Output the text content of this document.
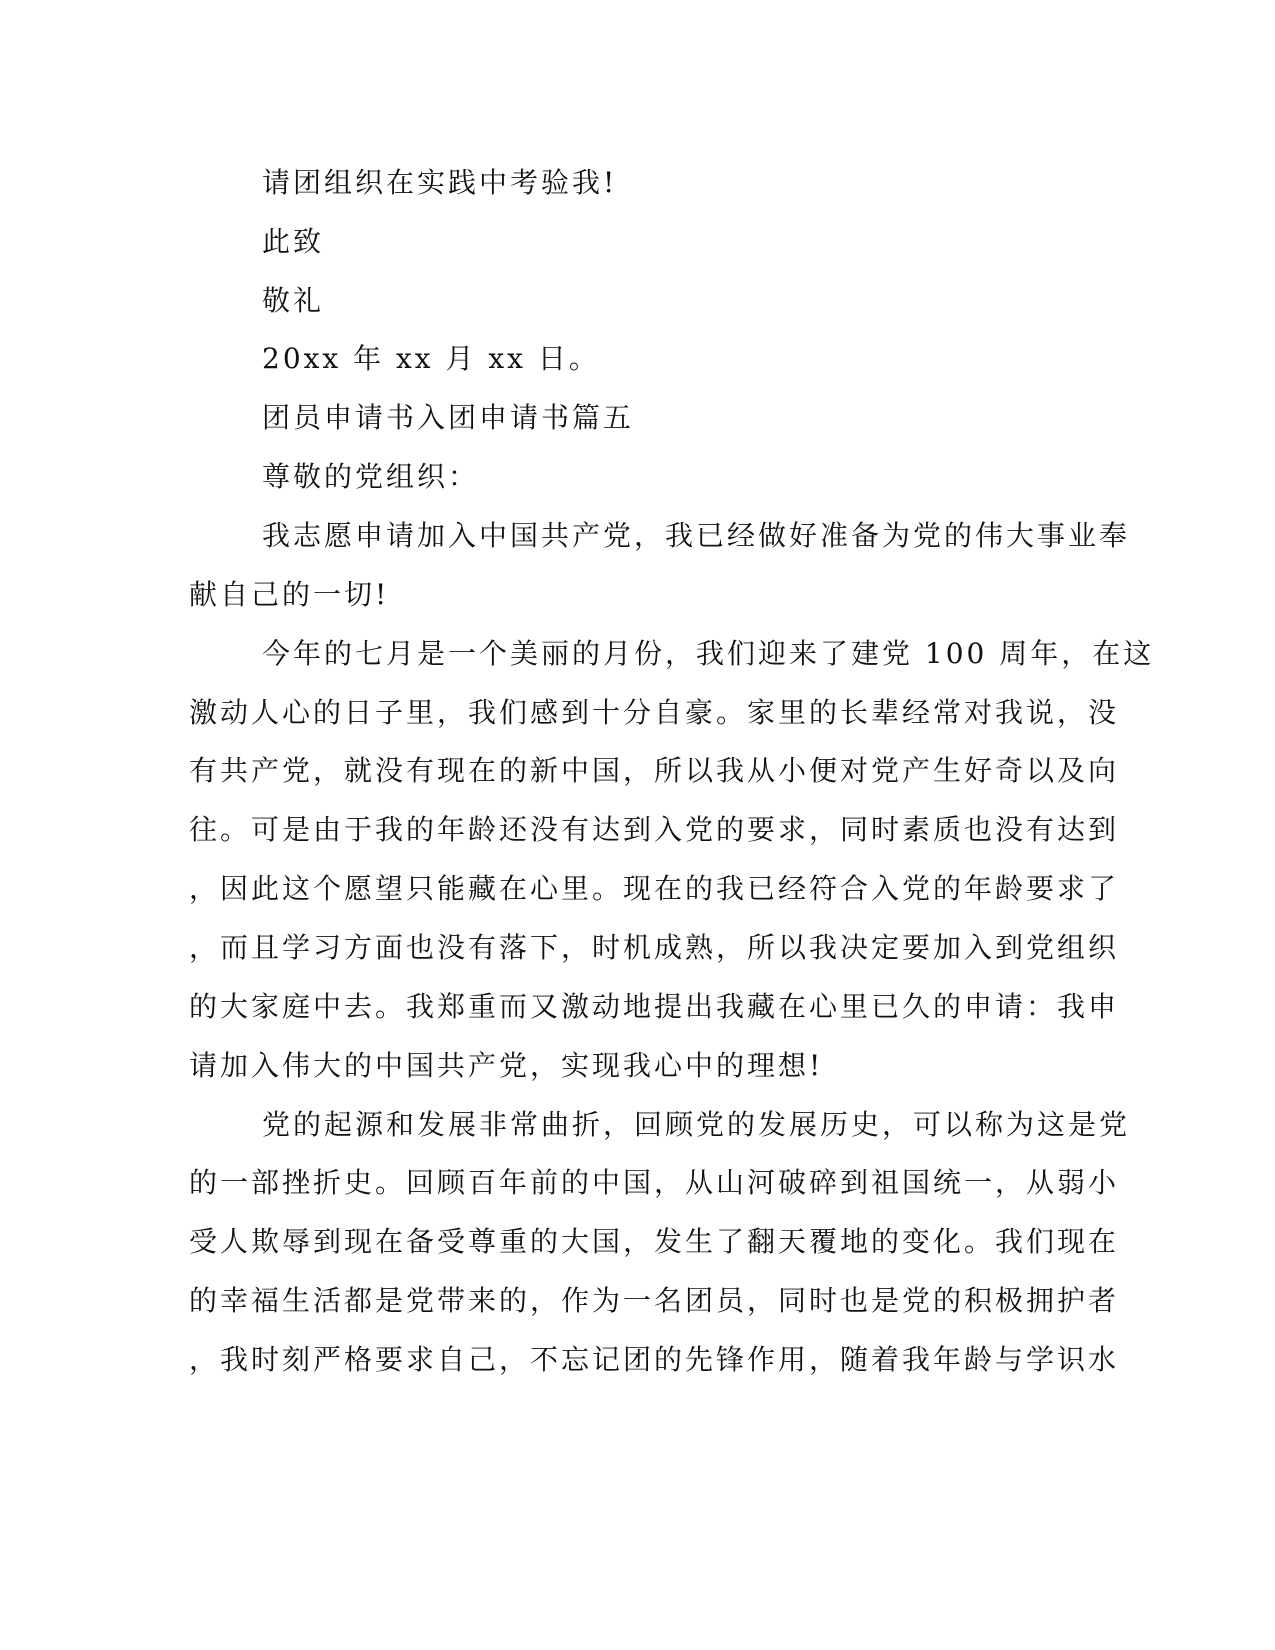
请团组织在实践中考验我!
此致
敬礼
20xx 年 xx 月 xx 日。
团员申请书入团申请书篇五
尊敬的党组织：
我志愿申请加入中国共产党，我已经做好准备为党的伟大事业奉
献自己的一切!
今年的七月是一个美丽的月份，我们迎来了建党 100 周年，在这
激动人心的日子里，我们感到十分自豪。家里的长辈经常对我说，没
有共产党，就没有现在的新中国，所以我从小便对党产生好奇以及向
往。可是由于我的年龄还没有达到入党的要求，同时素质也没有达到
，因此这个愿望只能藏在心里。现在的我已经符合入党的年龄要求了
，而且学习方面也没有落下，时机成熟，所以我决定要加入到党组织
的大家庭中去。我郑重而又激动地提出我藏在心里已久的申请：我申
请加入伟大的中国共产党，实现我心中的理想!
党的起源和发展非常曲折，回顾党的发展历史，可以称为这是党
的一部挫折史。回顾百年前的中国，从山河破碎到祖国统一，从弱小
受人欺辱到现在备受尊重的大国，发生了翻天覆地的变化。我们现在
的幸福生活都是党带来的，作为一名团员，同时也是党的积极拥护者
，我时刻严格要求自己，不忘记团的先锋作用，随着我年龄与学识水
